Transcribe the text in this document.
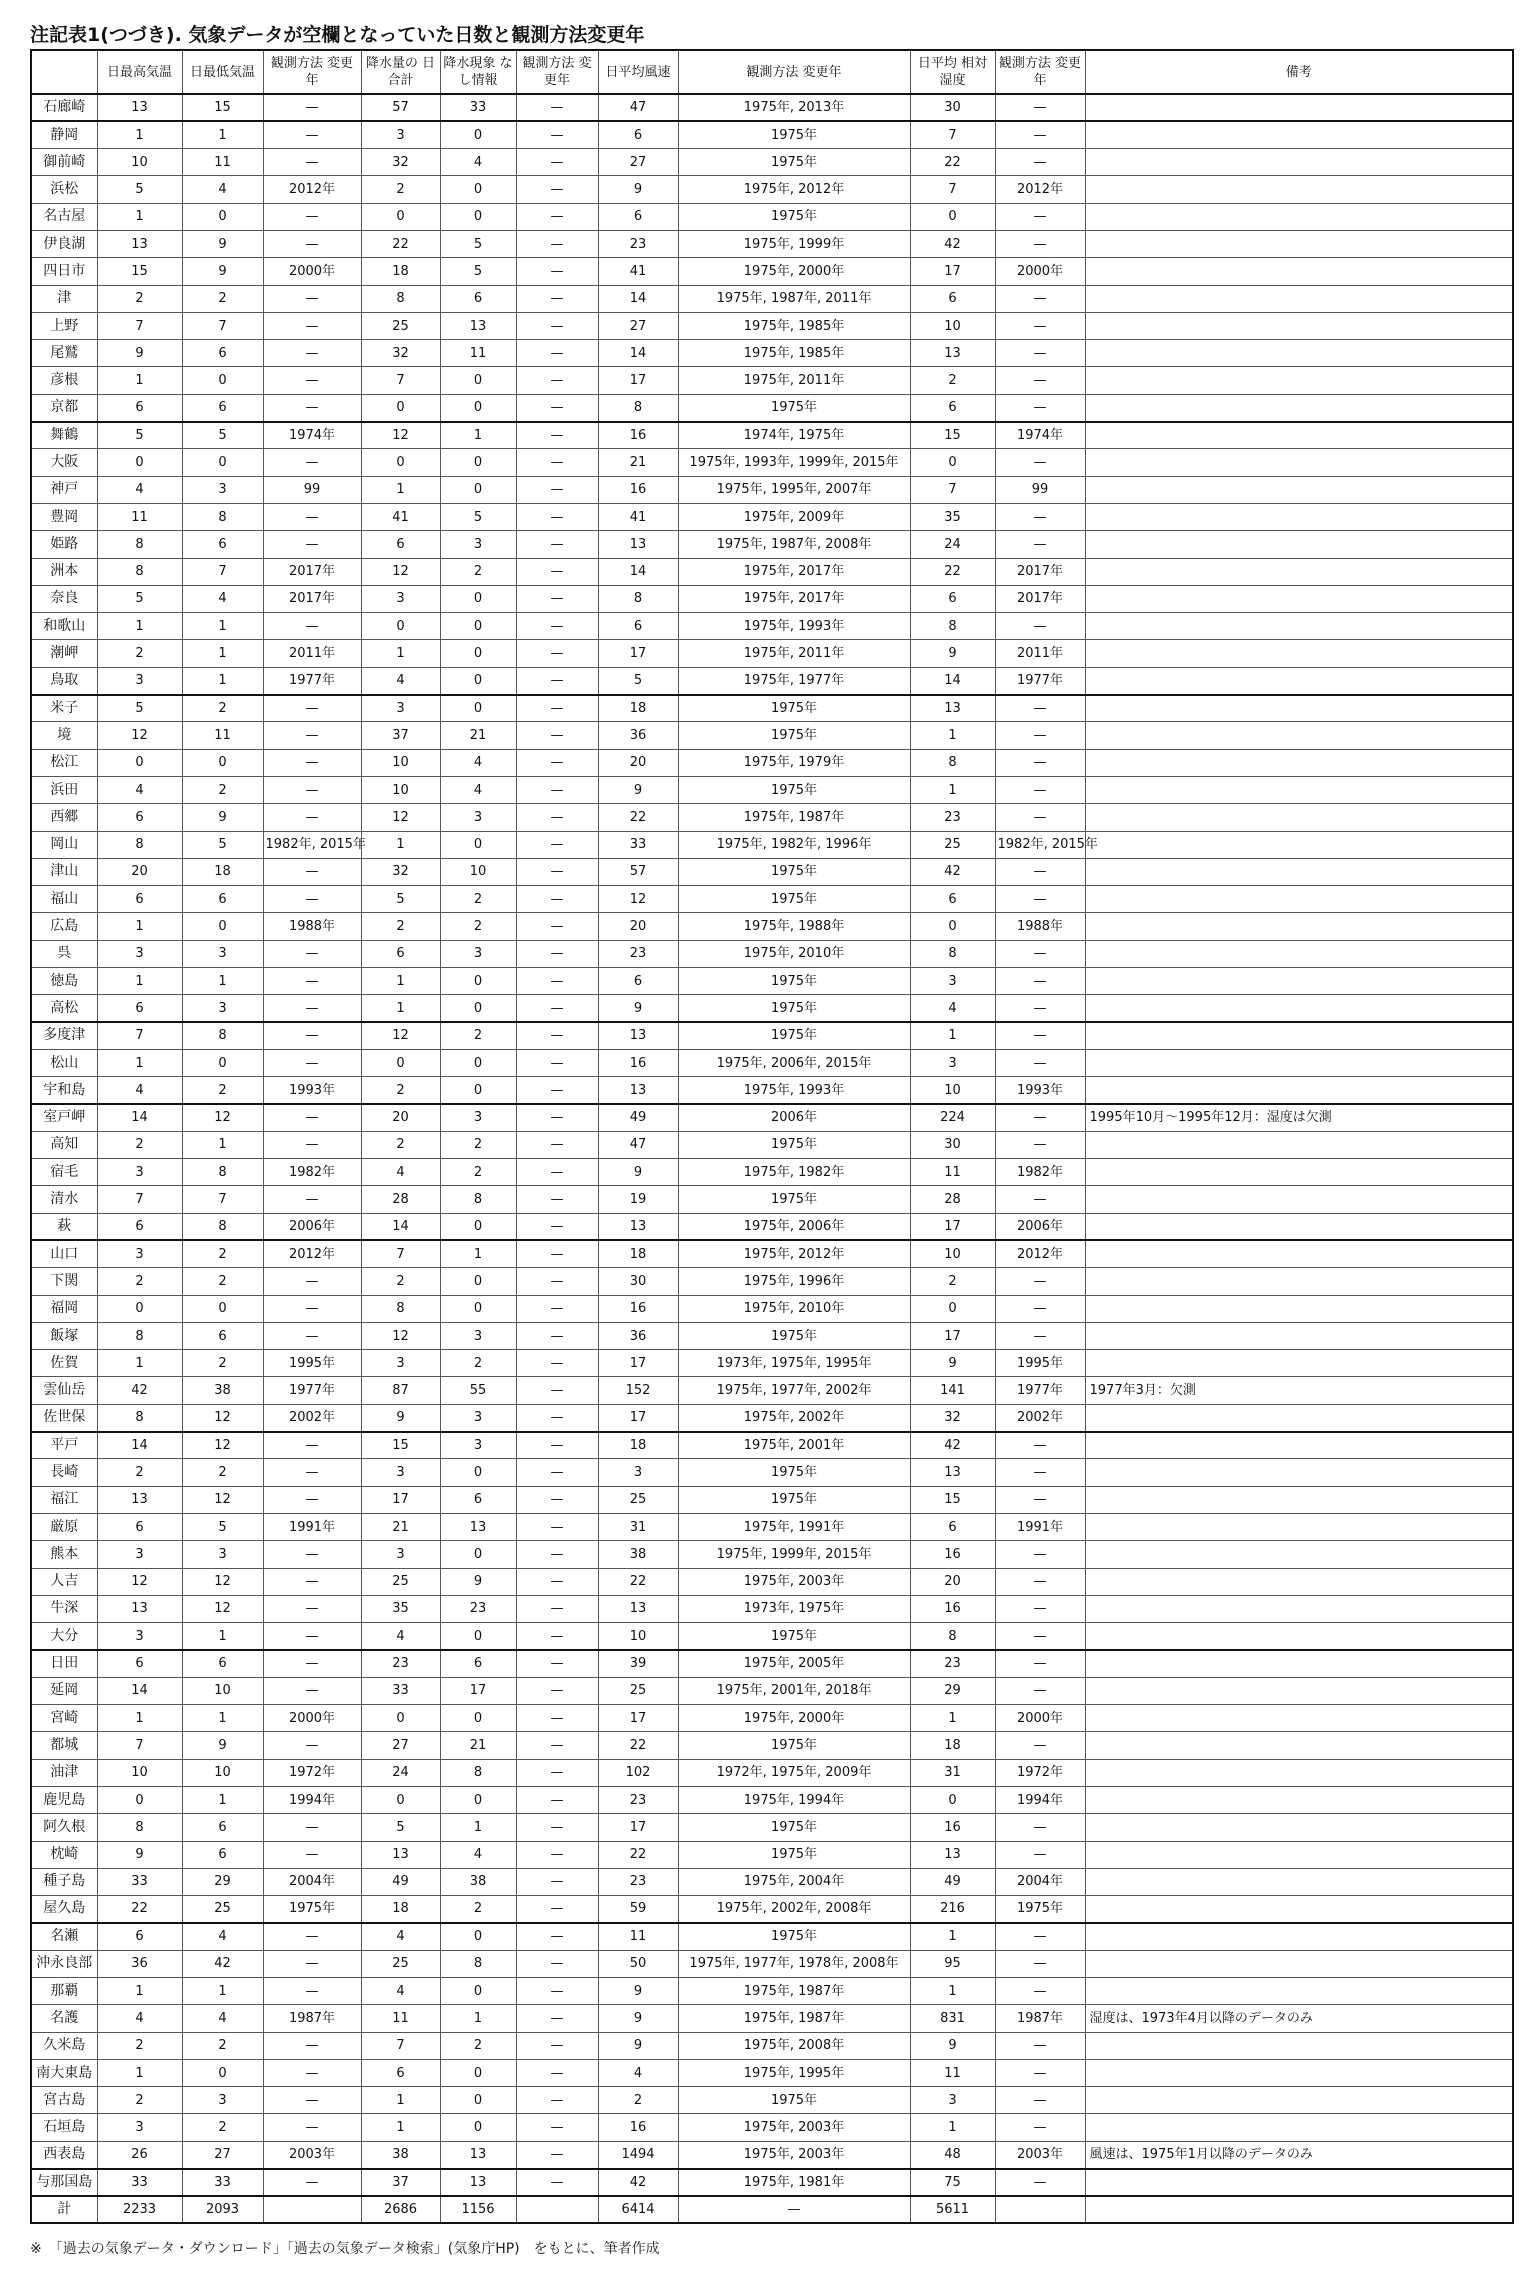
注記表1(つづき). 気象データが空欄となっていた日数と観測方法変更年
	日最高気温	日最低気温	観測方法 変更年	降水量の 日合計	降水現象 なし情報	観測方法 変更年	日平均風速	観測方法 変更年	日平均 相対湿度	観測方法 変更年	備考
石廊崎	13	15	—	57	33	—	47	1975年, 2013年	30	—	
静岡	1	1	—	3	0	—	6	1975年	7	—	
御前崎	10	11	—	32	4	—	27	1975年	22	—	
浜松	5	4	2012年	2	0	—	9	1975年, 2012年	7	2012年	
名古屋	1	0	—	0	0	—	6	1975年	0	—	
伊良湖	13	9	—	22	5	—	23	1975年, 1999年	42	—	
四日市	15	9	2000年	18	5	—	41	1975年, 2000年	17	2000年	
津	2	2	—	8	6	—	14	1975年, 1987年, 2011年	6	—	
上野	7	7	—	25	13	—	27	1975年, 1985年	10	—	
尾鷲	9	6	—	32	11	—	14	1975年, 1985年	13	—	
彦根	1	0	—	7	0	—	17	1975年, 2011年	2	—	
京都	6	6	—	0	0	—	8	1975年	6	—	
舞鶴	5	5	1974年	12	1	—	16	1974年, 1975年	15	1974年	
大阪	0	0	—	0	0	—	21	1975年, 1993年, 1999年, 2015年	0	—	
神戸	4	3	99	1	0	—	16	1975年, 1995年, 2007年	7	99	
豊岡	11	8	—	41	5	—	41	1975年, 2009年	35	—	
姫路	8	6	—	6	3	—	13	1975年, 1987年, 2008年	24	—	
洲本	8	7	2017年	12	2	—	14	1975年, 2017年	22	2017年	
奈良	5	4	2017年	3	0	—	8	1975年, 2017年	6	2017年	
和歌山	1	1	—	0	0	—	6	1975年, 1993年	8	—	
潮岬	2	1	2011年	1	0	—	17	1975年, 2011年	9	2011年	
鳥取	3	1	1977年	4	0	—	5	1975年, 1977年	14	1977年	
米子	5	2	—	3	0	—	18	1975年	13	—	
境	12	11	—	37	21	—	36	1975年	1	—	
松江	0	0	—	10	4	—	20	1975年, 1979年	8	—	
浜田	4	2	—	10	4	—	9	1975年	1	—	
西郷	6	9	—	12	3	—	22	1975年, 1987年	23	—	
岡山	8	5	1982年, 2015年	1	0	—	33	1975年, 1982年, 1996年	25	1982年, 2015年	
津山	20	18	—	32	10	—	57	1975年	42	—	
福山	6	6	—	5	2	—	12	1975年	6	—	
広島	1	0	1988年	2	2	—	20	1975年, 1988年	0	1988年	
呉	3	3	—	6	3	—	23	1975年, 2010年	8	—	
徳島	1	1	—	1	0	—	6	1975年	3	—	
高松	6	3	—	1	0	—	9	1975年	4	—	
多度津	7	8	—	12	2	—	13	1975年	1	—	
松山	1	0	—	0	0	—	16	1975年, 2006年, 2015年	3	—	
宇和島	4	2	1993年	2	0	—	13	1975年, 1993年	10	1993年	
室戸岬	14	12	—	20	3	—	49	2006年	224	—	1995年10月～1995年12月：湿度は欠測
高知	2	1	—	2	2	—	47	1975年	30	—	
宿毛	3	8	1982年	4	2	—	9	1975年, 1982年	11	1982年	
清水	7	7	—	28	8	—	19	1975年	28	—	
萩	6	8	2006年	14	0	—	13	1975年, 2006年	17	2006年	
山口	3	2	2012年	7	1	—	18	1975年, 2012年	10	2012年	
下関	2	2	—	2	0	—	30	1975年, 1996年	2	—	
福岡	0	0	—	8	0	—	16	1975年, 2010年	0	—	
飯塚	8	6	—	12	3	—	36	1975年	17	—	
佐賀	1	2	1995年	3	2	—	17	1973年, 1975年, 1995年	9	1995年	
雲仙岳	42	38	1977年	87	55	—	152	1975年, 1977年, 2002年	141	1977年	1977年3月：欠測
佐世保	8	12	2002年	9	3	—	17	1975年, 2002年	32	2002年	
平戸	14	12	—	15	3	—	18	1975年, 2001年	42	—	
長崎	2	2	—	3	0	—	3	1975年	13	—	
福江	13	12	—	17	6	—	25	1975年	15	—	
厳原	6	5	1991年	21	13	—	31	1975年, 1991年	6	1991年	
熊本	3	3	—	3	0	—	38	1975年, 1999年, 2015年	16	—	
人吉	12	12	—	25	9	—	22	1975年, 2003年	20	—	
牛深	13	12	—	35	23	—	13	1973年, 1975年	16	—	
大分	3	1	—	4	0	—	10	1975年	8	—	
日田	6	6	—	23	6	—	39	1975年, 2005年	23	—	
延岡	14	10	—	33	17	—	25	1975年, 2001年, 2018年	29	—	
宮崎	1	1	2000年	0	0	—	17	1975年, 2000年	1	2000年	
都城	7	9	—	27	21	—	22	1975年	18	—	
油津	10	10	1972年	24	8	—	102	1972年, 1975年, 2009年	31	1972年	
鹿児島	0	1	1994年	0	0	—	23	1975年, 1994年	0	1994年	
阿久根	8	6	—	5	1	—	17	1975年	16	—	
枕崎	9	6	—	13	4	—	22	1975年	13	—	
種子島	33	29	2004年	49	38	—	23	1975年, 2004年	49	2004年	
屋久島	22	25	1975年	18	2	—	59	1975年, 2002年, 2008年	216	1975年	
名瀬	6	4	—	4	0	—	11	1975年	1	—	
沖永良部	36	42	—	25	8	—	50	1975年, 1977年, 1978年, 2008年	95	—	
那覇	1	1	—	4	0	—	9	1975年, 1987年	1	—	
名護	4	4	1987年	11	1	—	9	1975年, 1987年	831	1987年	湿度は、1973年4月以降のデータのみ
久米島	2	2	—	7	2	—	9	1975年, 2008年	9	—	
南大東島	1	0	—	6	0	—	4	1975年, 1995年	11	—	
宮古島	2	3	—	1	0	—	2	1975年	3	—	
石垣島	3	2	—	1	0	—	16	1975年, 2003年	1	—	
西表島	26	27	2003年	38	13	—	1494	1975年, 2003年	48	2003年	風速は、1975年1月以降のデータのみ
与那国島	33	33	—	37	13	—	42	1975年, 1981年	75	—	
計	2233	2093		2686	1156		6414	—	5611		
※　「過去の気象データ・ダウンロード」「過去の気象データ検索」(気象庁HP)　をもとに、筆者作成
